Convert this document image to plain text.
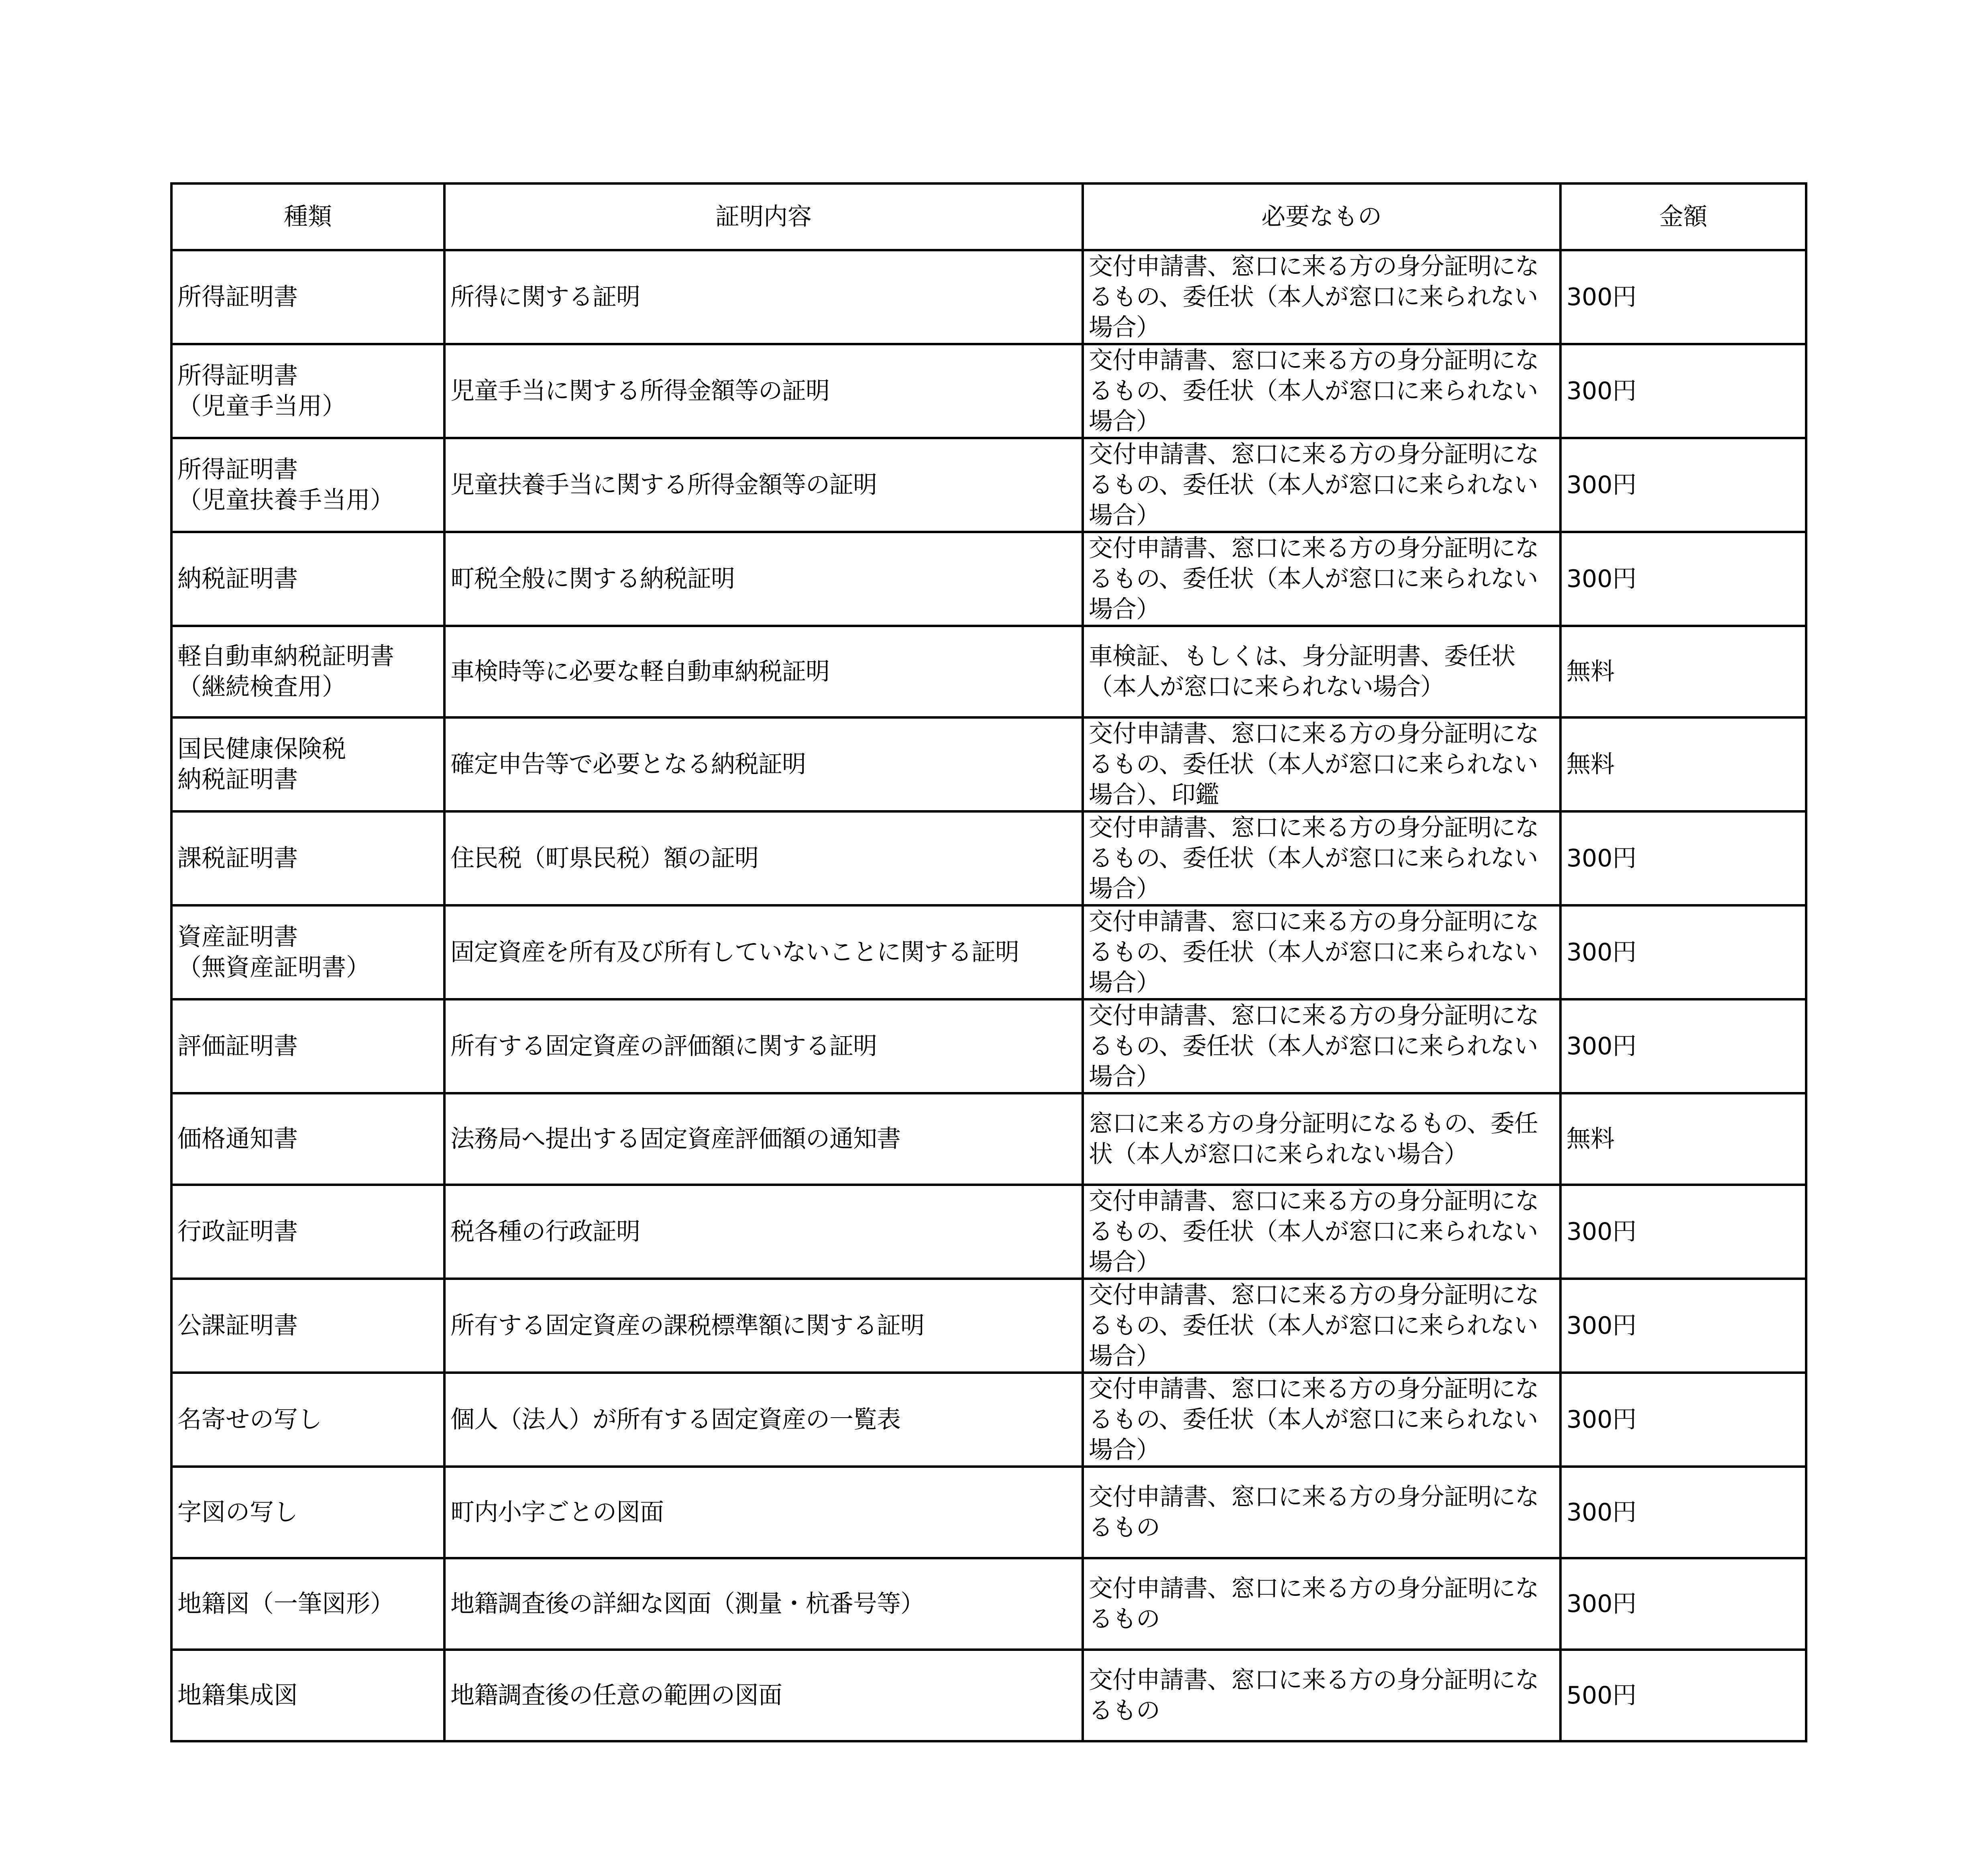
種類	証明内容	必要なもの	金額
所得証明書	所得に関する証明	交付申請書、窓口に来る方の身分証明になるもの、委任状（本人が窓口に来られない場合）	300円
所得証明書
（児童手当用）	児童手当に関する所得金額等の証明	交付申請書、窓口に来る方の身分証明になるもの、委任状（本人が窓口に来られない場合）	300円
所得証明書
（児童扶養手当用）	児童扶養手当に関する所得金額等の証明	交付申請書、窓口に来る方の身分証明になるもの、委任状（本人が窓口に来られない場合）	300円
納税証明書	町税全般に関する納税証明	交付申請書、窓口に来る方の身分証明になるもの、委任状（本人が窓口に来られない場合）	300円
軽自動車納税証明書
（継続検査用）	車検時等に必要な軽自動車納税証明	車検証、もしくは、身分証明書、委任状（本人が窓口に来られない場合）	無料
国民健康保険税
納税証明書	確定申告等で必要となる納税証明	交付申請書、窓口に来る方の身分証明になるもの、委任状（本人が窓口に来られない場合）、印鑑	無料
課税証明書	住民税（町県民税）額の証明	交付申請書、窓口に来る方の身分証明になるもの、委任状（本人が窓口に来られない場合）	300円
資産証明書
（無資産証明書）	固定資産を所有及び所有していないことに関する証明	交付申請書、窓口に来る方の身分証明になるもの、委任状（本人が窓口に来られない場合）	300円
評価証明書	所有する固定資産の評価額に関する証明	交付申請書、窓口に来る方の身分証明になるもの、委任状（本人が窓口に来られない場合）	300円
価格通知書	法務局へ提出する固定資産評価額の通知書	窓口に来る方の身分証明になるもの、委任状（本人が窓口に来られない場合）	無料
行政証明書	税各種の行政証明	交付申請書、窓口に来る方の身分証明になるもの、委任状（本人が窓口に来られない場合）	300円
公課証明書	所有する固定資産の課税標準額に関する証明	交付申請書、窓口に来る方の身分証明になるもの、委任状（本人が窓口に来られない場合）	300円
名寄せの写し	個人（法人）が所有する固定資産の一覧表	交付申請書、窓口に来る方の身分証明になるもの、委任状（本人が窓口に来られない場合）	300円
字図の写し	町内小字ごとの図面	交付申請書、窓口に来る方の身分証明になるもの	300円
地籍図（一筆図形）	地籍調査後の詳細な図面（測量・杭番号等）	交付申請書、窓口に来る方の身分証明になるもの	300円
地籍集成図	地籍調査後の任意の範囲の図面	交付申請書、窓口に来る方の身分証明になるもの	500円
